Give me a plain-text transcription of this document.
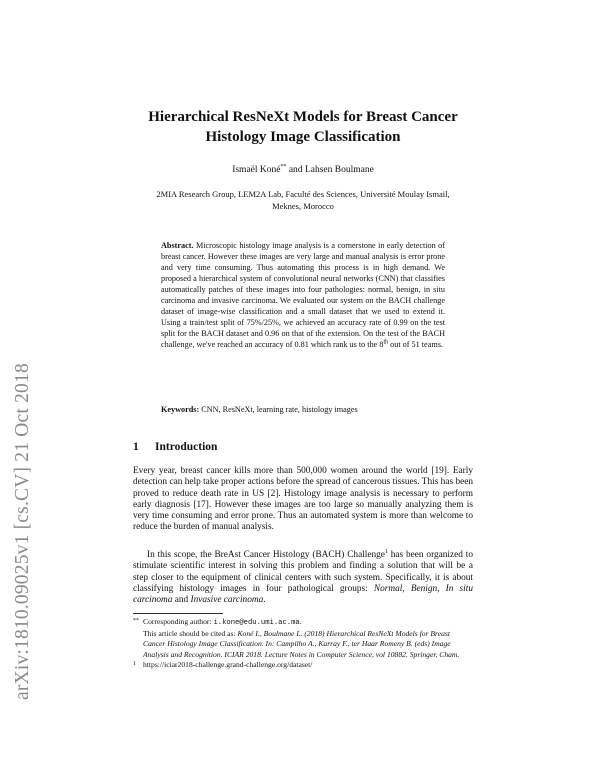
arXiv:1810.09025v1 [cs.CV] 21 Oct 2018
Hierarchical ResNeXt Models for Breast Cancer
Histology Image Classification
Ismaël Koné** and Lahsen Boulmane
2MIA Research Group, LEM2A Lab, Faculté des Sciences, Université Moulay Ismail,
Meknes, Morocco
Abstract. Microscopic histology image analysis is a cornerstone in early detection of breast cancer. However these images are very large and manual analysis is error prone and very time consuming. Thus automating this process is in high demand. We proposed a hierarchical system of convolutional neural networks (CNN) that classifies automatically patches of these images into four pathologies: normal, benign, in situ carcinoma and invasive carcinoma. We evaluated our system on the BACH challenge dataset of image-wise classification and a small dataset that we used to extend it. Using a train/test split of 75%/25%, we achieved an accuracy rate of 0.99 on the test split for the BACH dataset and 0.96 on that of the extension. On the test of the BACH challenge, we've reached an accuracy of 0.81 which rank us to the 8th out of 51 teams.
Keywords: CNN, ResNeXt, learning rate, histology images
1 Introduction
Every year, breast cancer kills more than 500,000 women around the world [19]. Early detection can help take proper actions before the spread of cancerous tissues. This has been proved to reduce death rate in US [2]. Histology image analysis is necessary to perform early diagnosis [17]. However these images are too large so manually analyzing them is very time consuming and error prone. Thus an automated system is more than welcome to reduce the burden of manual analysis.
In this scope, the BreAst Cancer Histology (BACH) Challenge$^1$ has been organized to stimulate scientific interest in solving this problem and finding a solution that will be a step closer to the equipment of clinical centers with such system. Specifically, it is about classifying histology images in four pathological groups: Normal, Benign, In situ carcinoma and Invasive carcinoma.
** Corresponding author: i.kone@edu.umi.ac.ma.
This article should be cited as: Koné I., Boulmane L. (2018) Hierarchical ResNeXt Models for Breast Cancer Histology Image Classification. In: Campilho A., Karray F., ter Haar Romeny B. (eds) Image Analysis and Recognition. ICIAR 2018. Lecture Notes in Computer Science, vol 10882. Springer, Cham.
1 https://iciar2018-challenge.grand-challenge.org/dataset/
